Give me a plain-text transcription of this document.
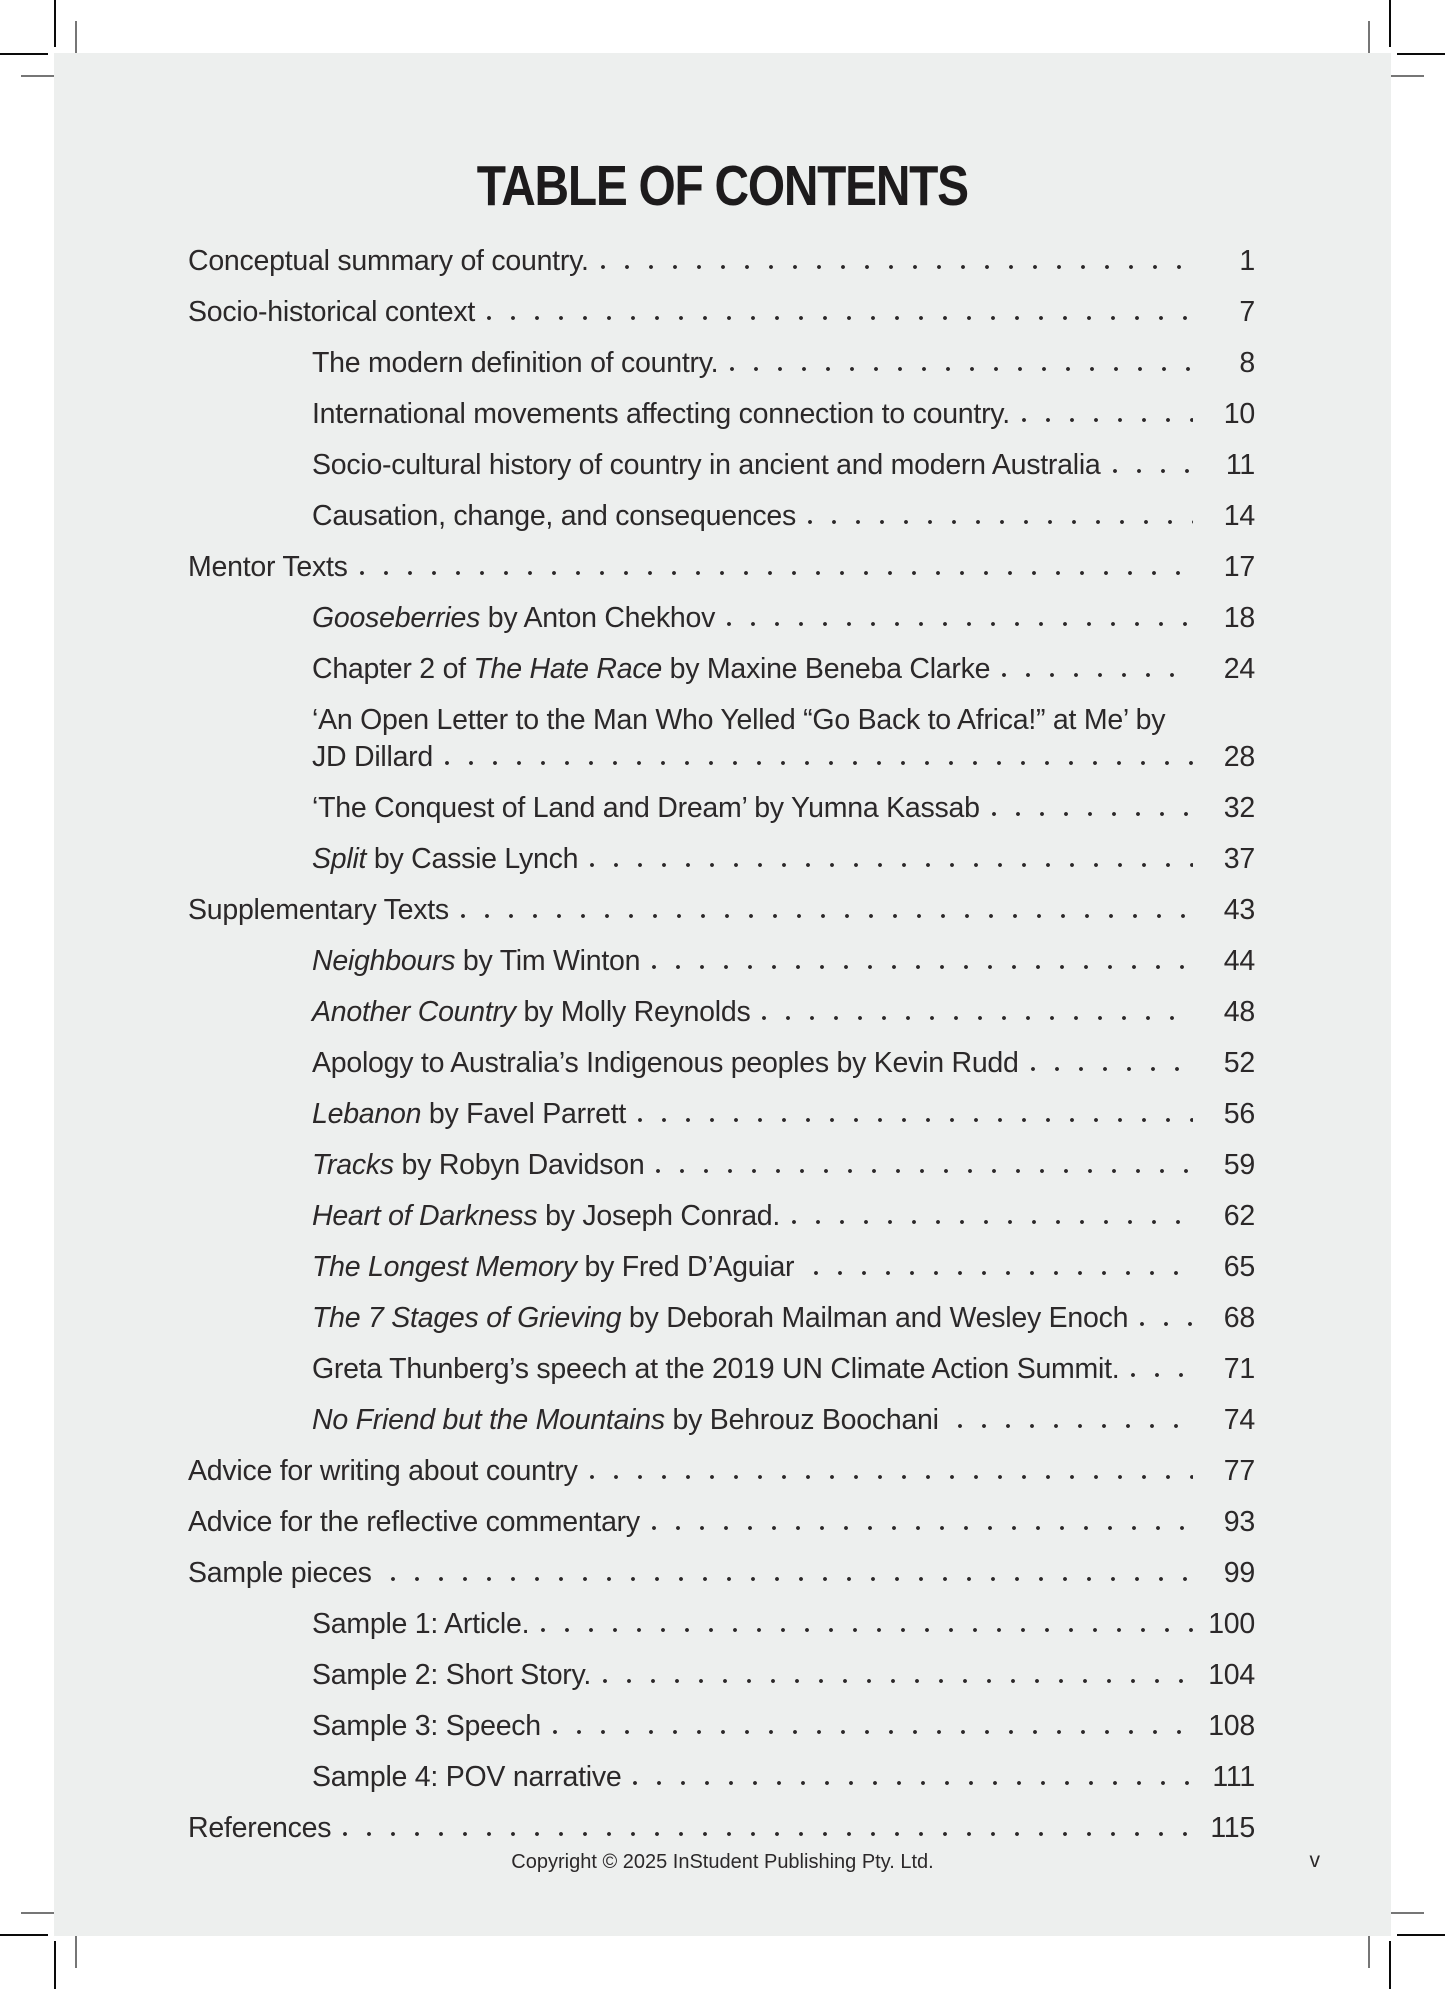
TABLE OF CONTENTS
Conceptual summary of country.	1
Socio-historical context	7
The modern definition of country.	8
International movements affecting connection to country.	10
Socio-cultural history of country in ancient and modern Australia	11
Causation, change, and consequences	14
Mentor Texts	17
Gooseberries by Anton Chekhov	18
Chapter 2 of The Hate Race by Maxine Beneba Clarke	24
‘An Open Letter to the Man Who Yelled “Go Back to Africa!” at Me’ by
JD Dillard	28
‘The Conquest of Land and Dream’ by Yumna Kassab	32
Split by Cassie Lynch	37
Supplementary Texts	43
Neighbours by Tim Winton	44
Another Country by Molly Reynolds	48
Apology to Australia’s Indigenous peoples by Kevin Rudd	52
Lebanon by Favel Parrett	56
Tracks by Robyn Davidson	59
Heart of Darkness by Joseph Conrad.	62
The Longest Memory by Fred D’Aguiar	65
The 7 Stages of Grieving by Deborah Mailman and Wesley Enoch	68
Greta Thunberg’s speech at the 2019 UN Climate Action Summit.	71
No Friend but the Mountains by Behrouz Boochani	74
Advice for writing about country	77
Advice for the reflective commentary	93
Sample pieces	99
Sample 1: Article.	100
Sample 2: Short Story.	104
Sample 3: Speech	108
Sample 4: POV narrative	111
References	115
Copyright © 2025 InStudent Publishing Pty. Ltd.	v
